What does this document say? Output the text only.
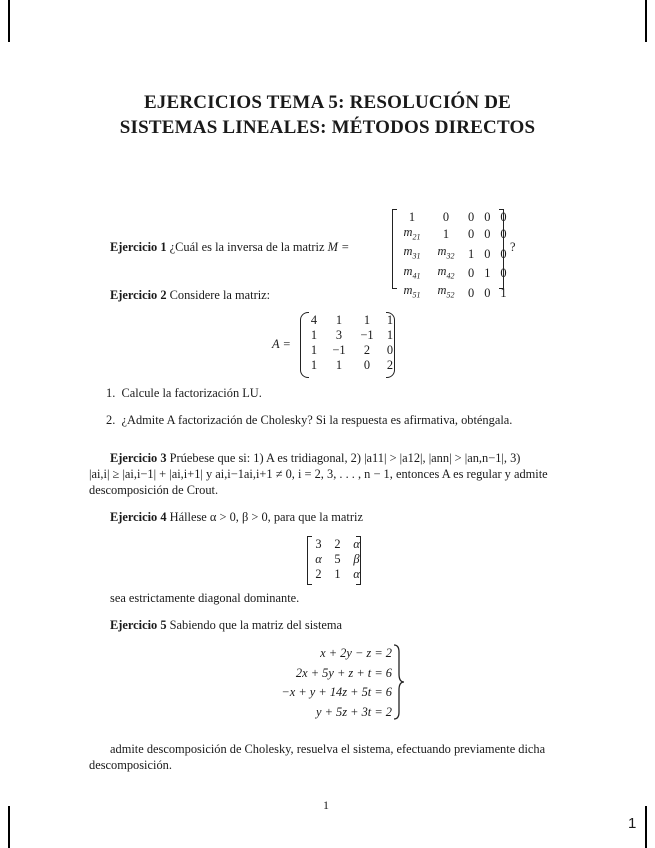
EJERCICIOS TEMA 5: RESOLUCIÓN DE
SISTEMAS LINEALES: MÉTODOS DIRECTOS
Ejercicio 1 ¿Cuál es la inversa de la matriz M =
1	0	0	0	0
$m_{21}$	1	0	0	0
$m_{31}$	$m_{32}$	1	0	0
$m_{41}$	$m_{42}$	0	1	0
$m_{51}$	$m_{52}$	0	0	1
?
Ejercicio 2 Considere la matriz:
A =
4	1	1	1
1	3	−1	1
1	−1	2	0
1	1	0	2
1. Calcule la factorización LU.
2. ¿Admite A factorización de Cholesky? Si la respuesta es afirmativa, obténgala.
Ejercicio 3 Prúebese que si: 1) A es tridiagonal, 2) |a11| > |a12|, |ann| > |an,n−1|, 3)
|ai,i| ≥ |ai,i−1| + |ai,i+1| y ai,i−1ai,i+1 ≠ 0, i = 2, 3, . . . , n − 1, entonces A es regular y admite
descomposición de Crout.
Ejercicio 4 Hállese α > 0, β > 0, para que la matriz
3	2	α
α	5	β
2	1	α
sea estrictamente diagonal dominante.
Ejercicio 5 Sabiendo que la matriz del sistema
x + 2y − z = 2
2x + 5y + z + t = 6
−x + y + 14z + 5t = 6
y + 5z + 3t = 2
admite descomposición de Cholesky, resuelva el sistema, efectuando previamente dicha
descomposición.
1
1
